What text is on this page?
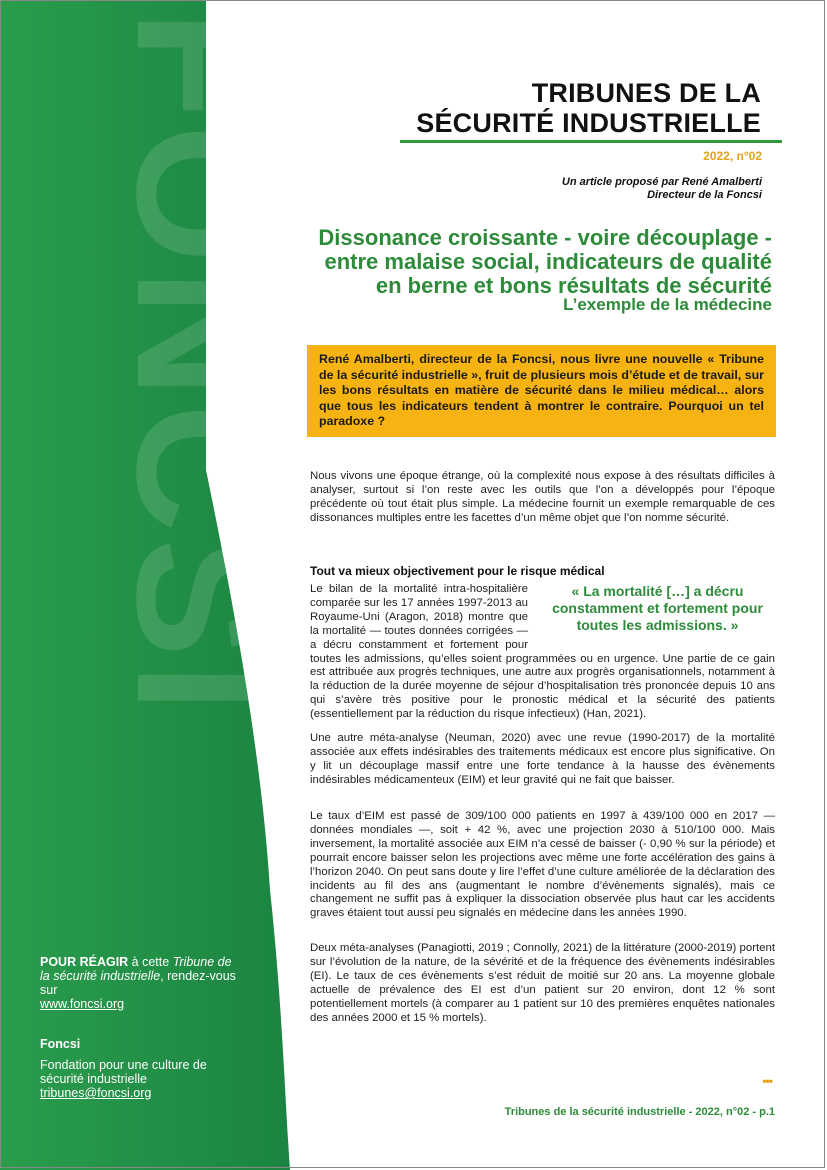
FONCSI	TRIBUNES DE LA
SÉCURITÉ INDUSTRIELLE
2022, n°02
Un article proposé par René Amalberti
Directeur de la Foncsi
Dissonance croissante - voire découplage -
entre malaise social, indicateurs de qualité
en berne et bons résultats de sécurité
L’exemple de la médecine
René Amalberti, directeur de la Foncsi, nous livre une nouvelle « Tribune de la sécurité industrielle », fruit de plusieurs mois d’étude et de travail, sur les bons résultats en matière de sécurité dans le milieu médical… alors que tous les indicateurs tendent à montrer le contraire. Pourquoi un tel paradoxe ?
Nous vivons une époque étrange, où la complexité nous expose à des résultats difficiles à analyser, surtout si l’on reste avec les outils que l’on a développés pour l’époque précédente où tout était plus simple. La médecine fournit un exemple remarquable de ces dissonances multiples entre les facettes d’un même objet que l’on nomme sécurité.
Tout va mieux objectivement pour le risque médical
« La mortalité […] a décru constamment et fortement pour toutes les admissions. »
Le bilan de la mortalité intra-hospitalière comparée sur les 17 années 1997-2013 au Royaume-Uni (Aragon, 2018) montre que la mortalité — toutes données corrigées — a décru constamment et fortement pour toutes les admissions, qu’elles soient programmées ou en urgence. Une partie de ce gain est attribuée aux progrès techniques, une autre aux progrès organisationnels, notamment à la réduction de la durée moyenne de séjour d’hospitalisation très prononcée depuis 10 ans qui s’avère très positive pour le pronostic médical et la sécurité des patients (essentiellement par la réduction du risque infectieux) (Han, 2021).
Une autre méta-analyse (Neuman, 2020) avec une revue (1990-2017) de la mortalité associée aux effets indésirables des traitements médicaux est encore plus significative. On y lit un découplage massif entre une forte tendance à la hausse des évènements indésirables médicamenteux (EIM) et leur gravité qui ne fait que baisser.
Le taux d’EIM est passé de 309/100 000 patients en 1997 à 439/100 000 en 2017 — données mondiales —, soit + 42 %, avec une projection 2030 à 510/100 000. Mais inversement, la mortalité associée aux EIM n’a cessé de baisser (- 0,90 % sur la période) et pourrait encore baisser selon les projections avec même une forte accélération des gains à l’horizon 2040. On peut sans doute y lire l’effet d’une culture améliorée de la déclaration des incidents au fil des ans (augmentant le nombre d’évènements signalés), mais ce changement ne suffit pas à expliquer la dissociation observée plus haut car les accidents graves étaient tout aussi peu signalés en médecine dans les années 1990.
Deux méta-analyses (Panagiotti, 2019 ; Connolly, 2021) de la littérature (2000-2019) portent sur l’évolution de la nature, de la sévérité et de la fréquence des évènements indésirables (EI). Le taux de ces évènements s’est réduit de moitié sur 20 ans. La moyenne globale actuelle de prévalence des EI est d’un patient sur 20 environ, dont 12 % sont potentiellement mortels (à comparer au 1 patient sur 10 des premières enquêtes nationales des années 2000 et 15 % mortels).
POUR RÉAGIR à cette Tribune de la sécurité industrielle, rendez-vous sur
www.foncsi.org
Foncsi
Fondation pour une culture de sécurité industrielle
tribunes@foncsi.org
•••
Tribunes de la sécurité industrielle - 2022, n°02 - p.1
